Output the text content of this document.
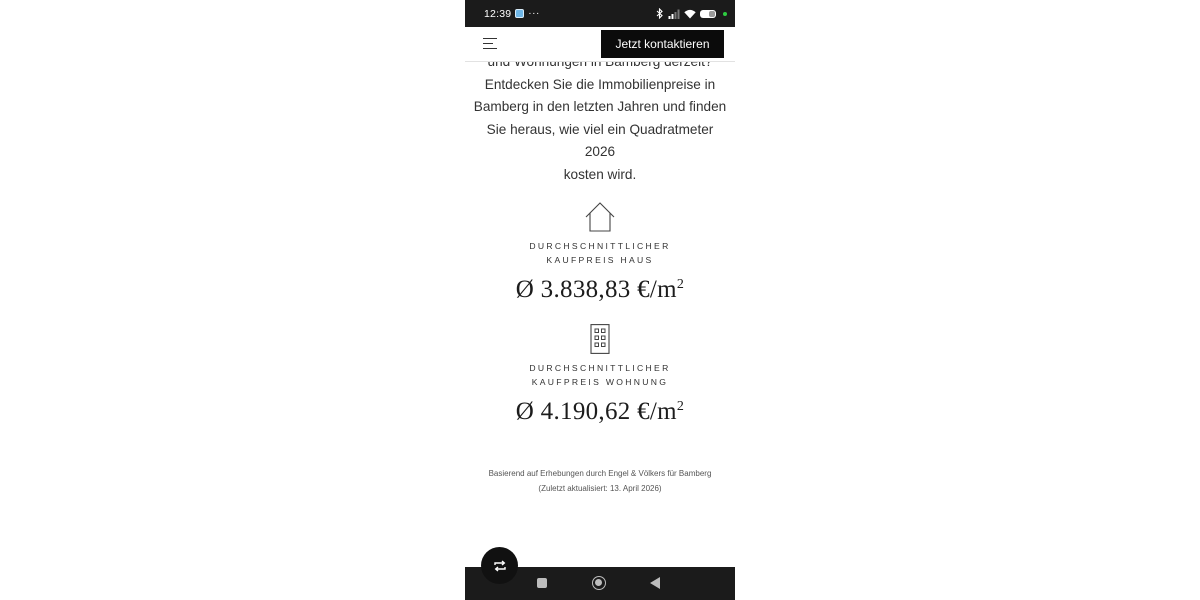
12:39 ···
Entdecken Sie die Immobilienpreise in
Bamberg in den letzten Jahren und finden
Sie heraus, wie viel ein Quadratmeter 2026
kosten wird.
DURCHSCHNITTLICHER KAUFPREIS HAUS
Ø 3.838,83 $€/m^2$
DURCHSCHNITTLICHER KAUFPREIS WOHNUNG
Ø 4.190,62 $€/m^2$
Basierend auf Erhebungen durch Engel & Völkers für Bamberg
(Zuletzt aktualisiert: 13. April 2026)
Jetzt kontaktieren
